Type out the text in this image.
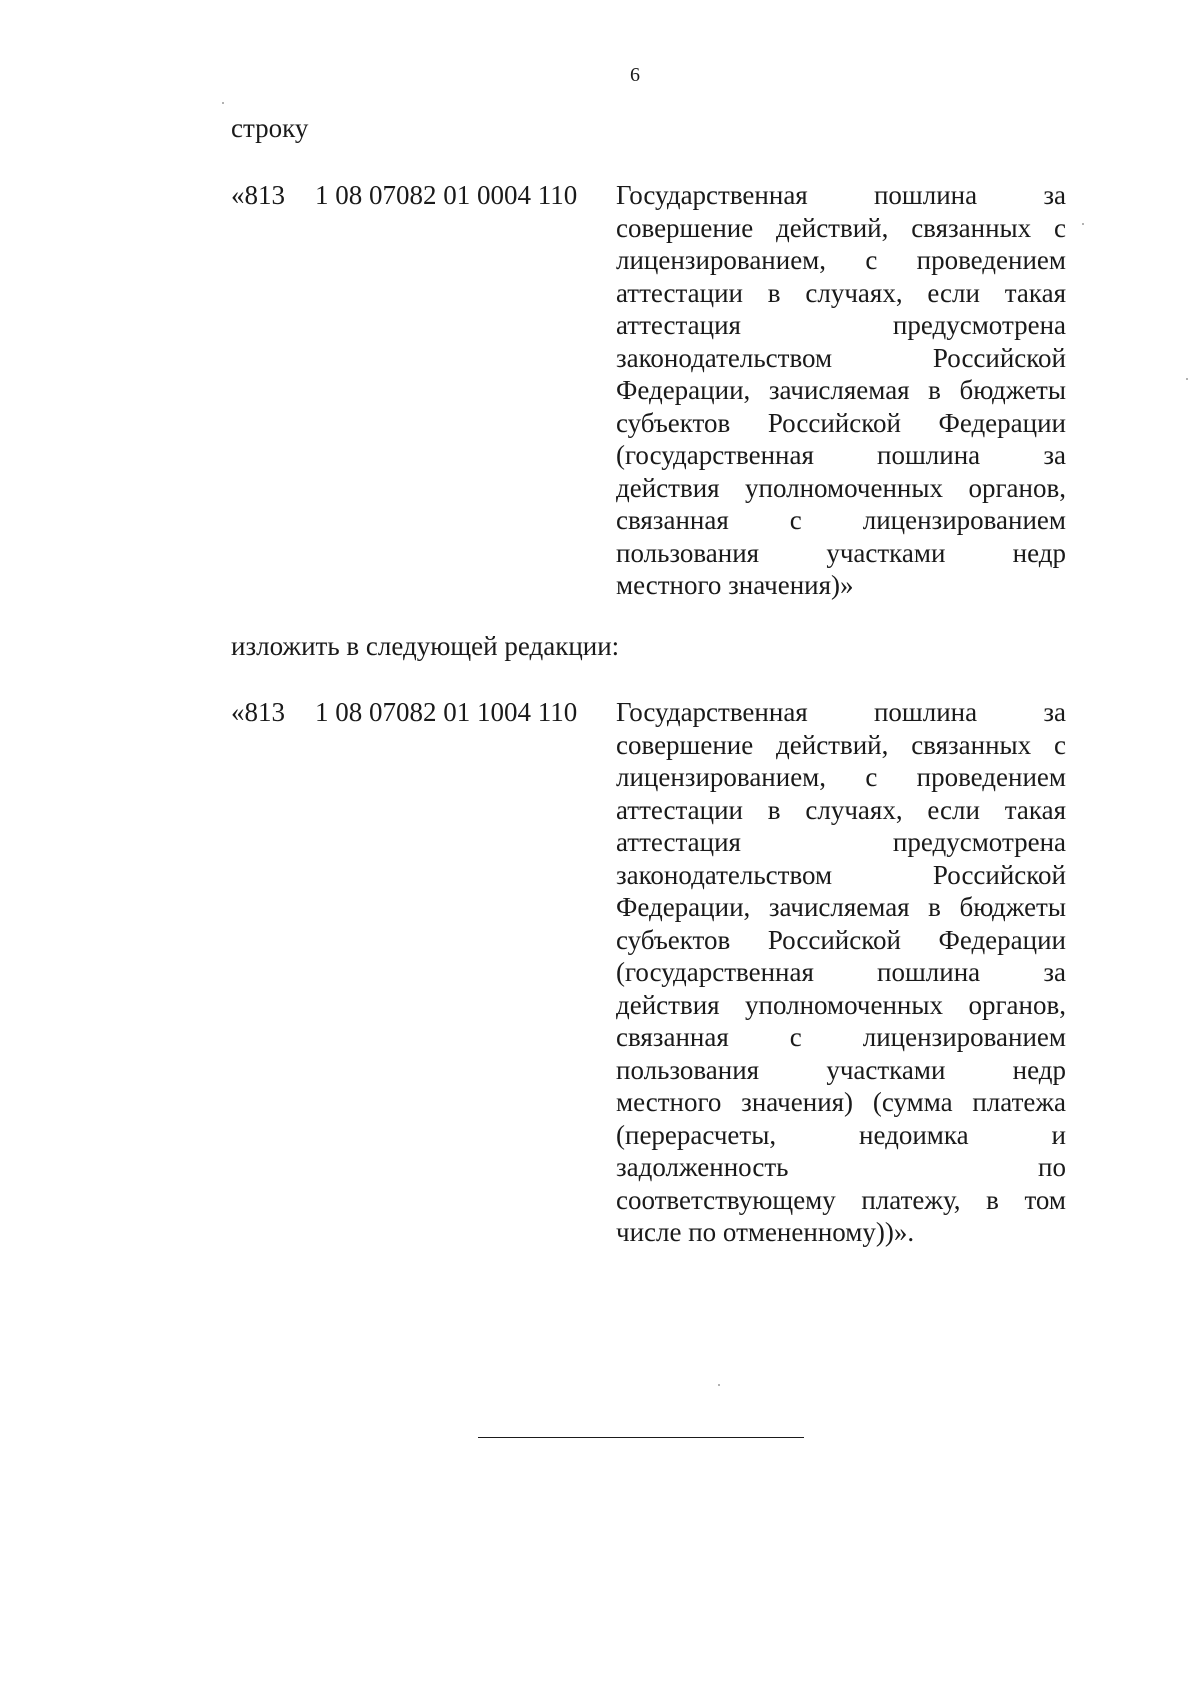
6
строку
«813 1 08 07082 01 0004 110 Государственная пошлина за
совершение действий, связанных с
лицензированием, с проведением
аттестации в случаях, если такая
аттестация предусмотрена
законодательством Российской
Федерации, зачисляемая в бюджеты
субъектов Российской Федерации
(государственная пошлина за
действия уполномоченных органов,
связанная с лицензированием
пользования участками недр
местного значения)»
изложить в следующей редакции:
«813 1 08 07082 01 1004 110 Государственная пошлина за
совершение действий, связанных с
лицензированием, с проведением
аттестации в случаях, если такая
аттестация предусмотрена
законодательством Российской
Федерации, зачисляемая в бюджеты
субъектов Российской Федерации
(государственная пошлина за
действия уполномоченных органов,
связанная с лицензированием
пользования участками недр
местного значения) (сумма платежа
(перерасчеты, недоимка и
задолженность по
соответствующему платежу, в том
числе по отмененному))».
